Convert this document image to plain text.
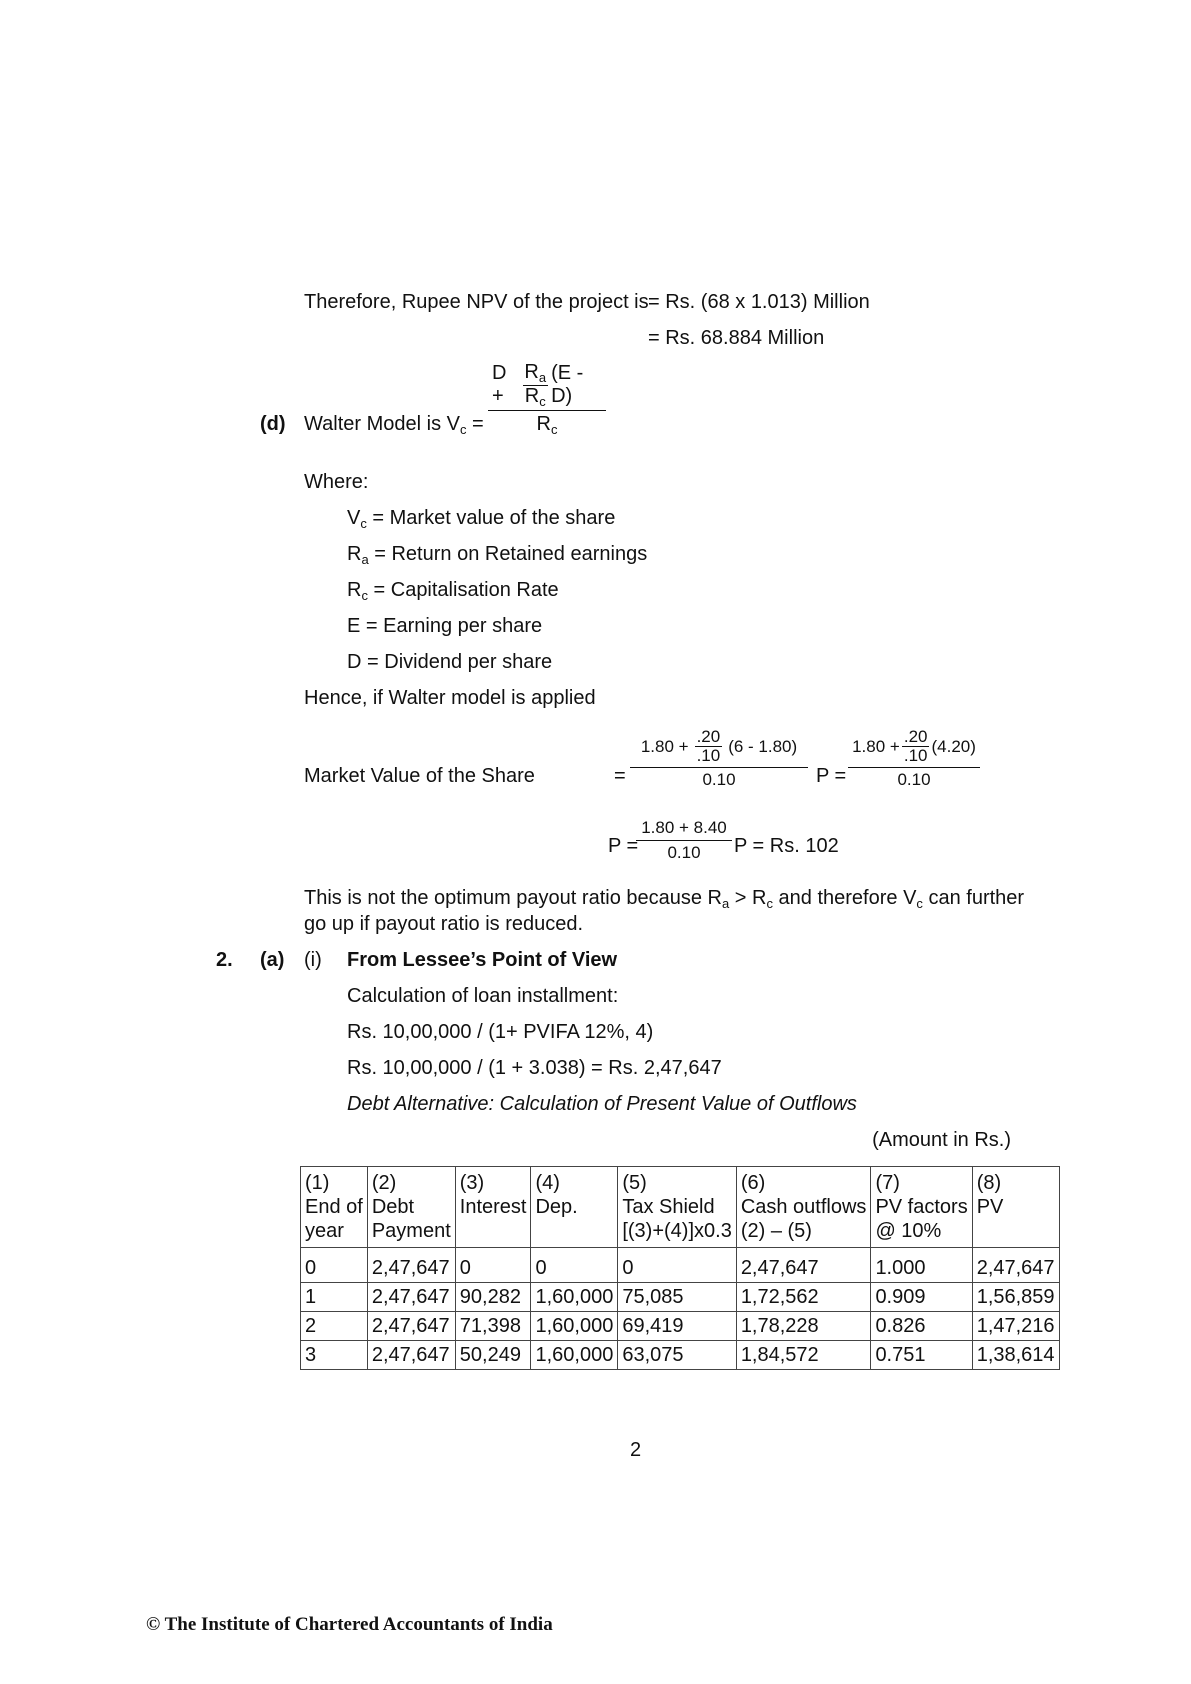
Therefore, Rupee NPV of the project is = Rs. (68 x 1.013) Million
= Rs. 68.884 Million
(d) Walter Model is $V_c$ =
$D + \frac{R_a}{R_c} (E - D)$
$R_c$
Where:
$V_c$ = Market value of the share
$R_a$ = Return on Retained earnings
$R_c$ = Capitalisation Rate
E = Earning per share
D = Dividend per share
Hence, if Walter model is applied
Market Value of the Share	=
$1.80 + \frac{.20}{.10} (6 - 1.80)$
0.10	P =
$1.80 + \frac{.20}{.10} (4.20)$
0.10
P =
1.80 + 8.40
0.10 P = Rs. 102
This is not the optimum payout ratio because $R_a > R_c$ and therefore $V_c$ can further
go up if payout ratio is reduced.
2. (a) (i) From Lessee’s Point of View
Calculation of loan installment:
Rs. 10,00,000 / (1+ PVIFA 12%, 4)
Rs. 10,00,000 / (1 + 3.038) = Rs. 2,47,647
Debt Alternative: Calculation of Present Value of Outflows
(Amount in Rs.)
(1)
End of
year	(2)
Debt
Payment	(3)
Interest	(4)
Dep.	(5)
Tax Shield
[(3)+(4)]x0.3	(6)
Cash outflows
(2) – (5)	(7)
PV factors
@ 10%	(8)
PV

0	2,47,647	0	0	0	2,47,647	1.000	2,47,647
1	2,47,647	90,282	1,60,000	75,085	1,72,562	0.909	1,56,859
2	2,47,647	71,398	1,60,000	69,419	1,78,228	0.826	1,47,216
3	2,47,647	50,249	1,60,000	63,075	1,84,572	0.751	1,38,614
2
© The Institute of Chartered Accountants of India
